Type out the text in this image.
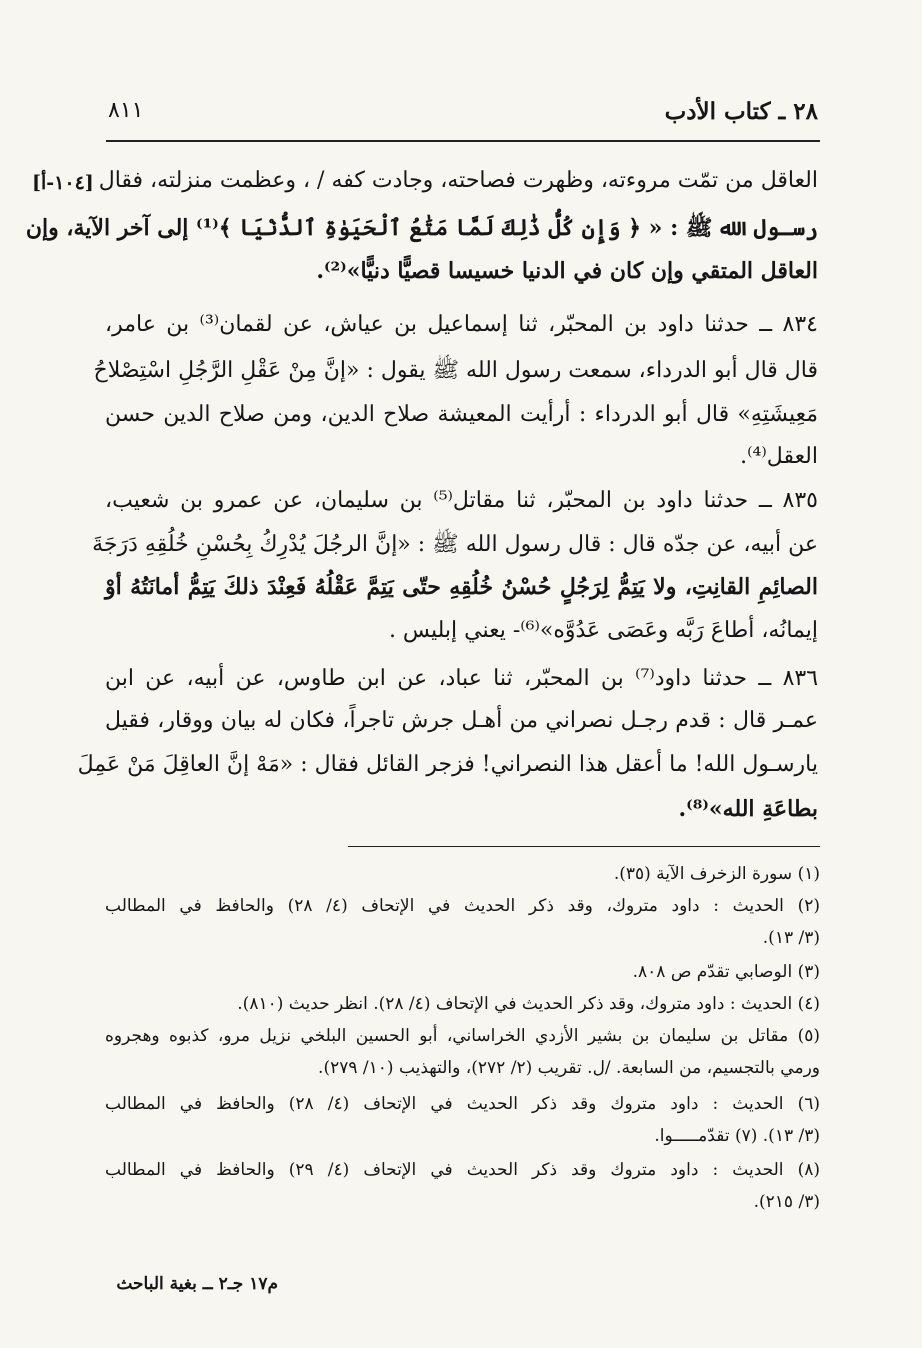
٨١١	٢٨ ـ كتاب الأدب
[١٠٤-أ] العاقل من تمّت مروءته، وظهرت فصاحته، وجادت كفه / ، وعظمت منزلته، فقال
رسـول الله ﷺ : « ﴿ وَإِن كُلُّ ذَٰلِكَ لَمَّا مَتَٰعُ ٱلْحَيَوٰةِ ٱلدُّنْيَا ﴾⁽¹⁾ إلى آخر الآية، وإن
العاقل المتقي وإن كان في الدنيا خسيسا قصيًّا دنيًّا»⁽²⁾.
٨٣٤ ــ حدثنا داود بن المحبّر، ثنا إسماعيل بن عياش، عن لقمان⁽³⁾ بن عامر،
قال قال أبو الدرداء، سمعت رسول الله ﷺ يقول : «إنَّ مِنْ عَقْلِ الرَّجُلِ اسْتِصْلاحُ
مَعِيشَتِهِ» قال أبو الدرداء : أرأيت المعيشة صلاح الدين، ومن صلاح الدين حسن
العقل⁽⁴⁾.
٨٣٥ ــ حدثنا داود بن المحبّر، ثنا مقاتل⁽⁵⁾ بن سليمان، عن عمرو بن شعيب،
عن أبيه، عن جدّه قال : قال رسول الله ﷺ : «إنَّ الرجُلَ يُدْرِكُ بِحُسْنِ خُلُقِهِ دَرَجَةَ
الصائِمِ القانِتِ، ولا يَتِمُّ لِرَجُلٍ حُسْنُ خُلُقِهِ حتّى يَتِمَّ عَقْلُهُ فَعِنْدَ ذلكَ يَتِمُّ أمانَتُهُ أوْ
إيمانُه، أطاعَ رَبَّه وعَصَى عَدُوَّه»⁽⁶⁾- يعني إبليس .
٨٣٦ ــ حدثنا داود⁽⁷⁾ بن المحبّر، ثنا عباد، عن ابن طاوس، عن أبيه، عن ابن
عمـر قال : قدم رجـل نصراني من أهـل جرش تاجراً، فكان له بيان ووقار، فقيل
يارسـول الله! ما أعقل هذا النصراني! فزجر القائل فقال : «مَهْ إنَّ العاقِلَ مَنْ عَمِلَ
بطاعَةِ الله»⁽⁸⁾.
(١) سورة الزخرف الآية (٣٥).
(٢) الحديث : داود متروك، وقد ذكر الحديث في الإتحاف (٤/ ٢٨) والحافظ في المطالب
(٣/ ١٣).
(٣) الوصابي تقدّم ص ٨٠٨.
(٤) الحديث : داود متروك، وقد ذكر الحديث في الإتحاف (٤/ ٢٨). انظر حديث (٨١٠).
(٥) مقاتل بن سليمان بن بشير الأزدي الخراساني، أبو الحسين البلخي نزيل مرو، كذبوه وهجروه
ورمي بالتجسيم، من السابعة. /ل. تقريب (٢/ ٢٧٢)، والتهذيب (١٠/ ٢٧٩).
(٦) الحديث : داود متروك وقد ذكر الحديث في الإتحاف (٤/ ٢٨) والحافظ في المطالب
(٣/ ١٣). (٧) تقدّمـــــوا.
(٨) الحديث : داود متروك وقد ذكر الحديث في الإتحاف (٤/ ٢٩) والحافظ في المطالب
(٣/ ٢١٥).
م١٧ جـ٢ ــ بغية الباحث
